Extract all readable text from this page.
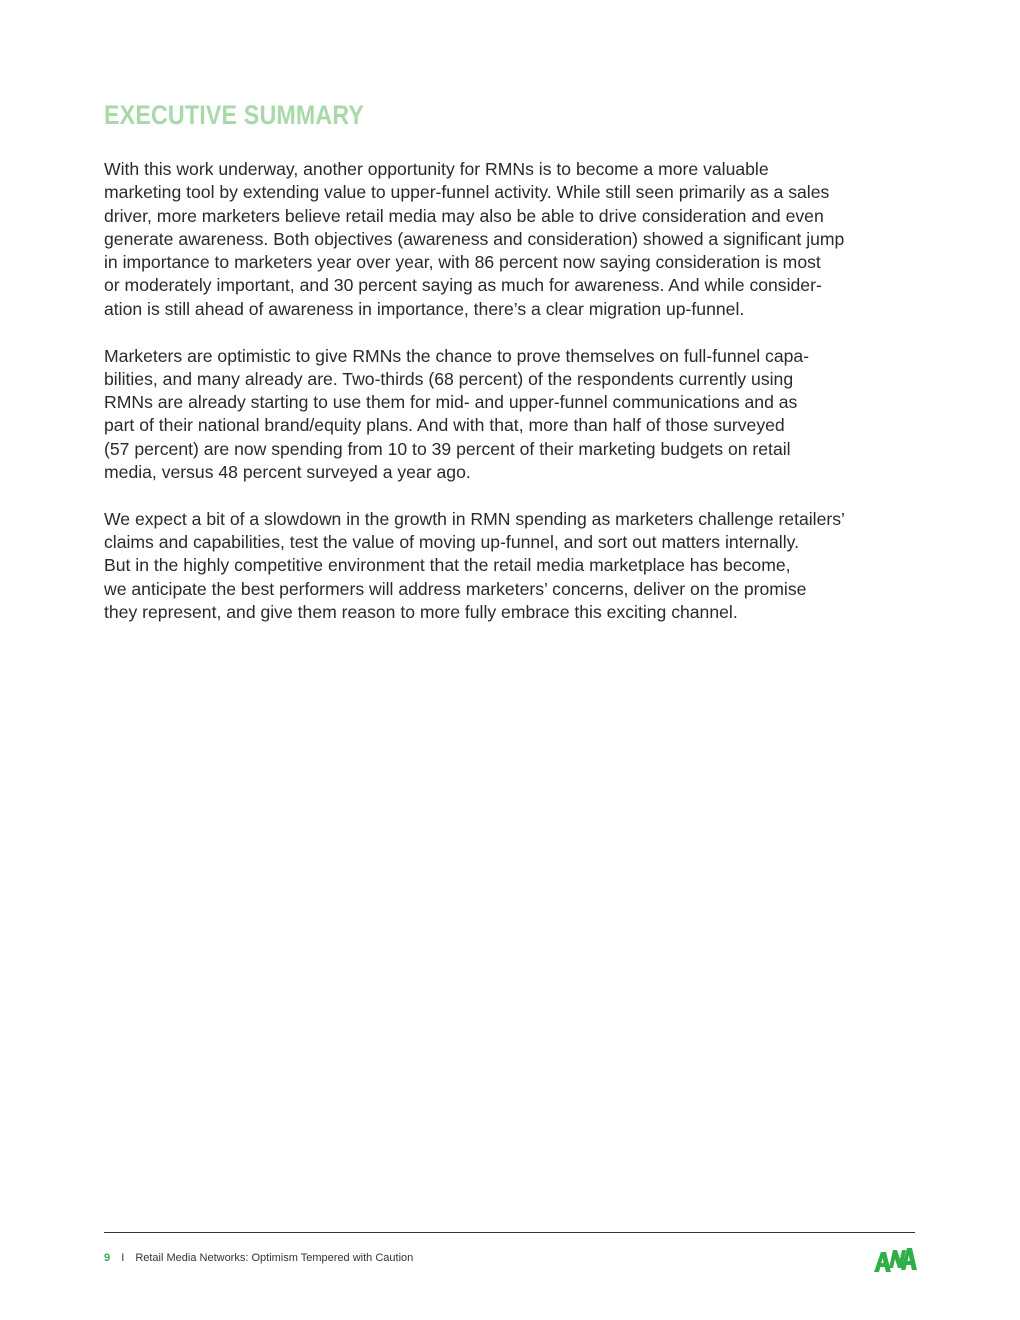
EXECUTIVE SUMMARY

With this work underway, another opportunity for RMNs is to become a more valuable
marketing tool by extending value to upper-funnel activity. While still seen primarily as a sales
driver, more marketers believe retail media may also be able to drive consideration and even
generate awareness. Both objectives (awareness and consideration) showed a significant jump
in importance to marketers year over year, with 86 percent now saying consideration is most
or moderately important, and 30 percent saying as much for awareness. And while consider-
ation is still ahead of awareness in importance, there’s a clear migration up-funnel.

Marketers are optimistic to give RMNs the chance to prove themselves on full-funnel capa-
bilities, and many already are. Two-thirds (68 percent) of the respondents currently using
RMNs are already starting to use them for mid- and upper-funnel communications and as
part of their national brand/equity plans. And with that, more than half of those surveyed
(57 percent) are now spending from 10 to 39 percent of their marketing budgets on retail
media, versus 48 percent surveyed a year ago.

We expect a bit of a slowdown in the growth in RMN spending as marketers challenge retailers’
claims and capabilities, test the value of moving up-funnel, and sort out matters internally.
But in the highly competitive environment that the retail media marketplace has become,
we anticipate the best performers will address marketers’ concerns, deliver on the promise
they represent, and give them reason to more fully embrace this exciting channel.

9 I Retail Media Networks: Optimism Tempered with Caution
